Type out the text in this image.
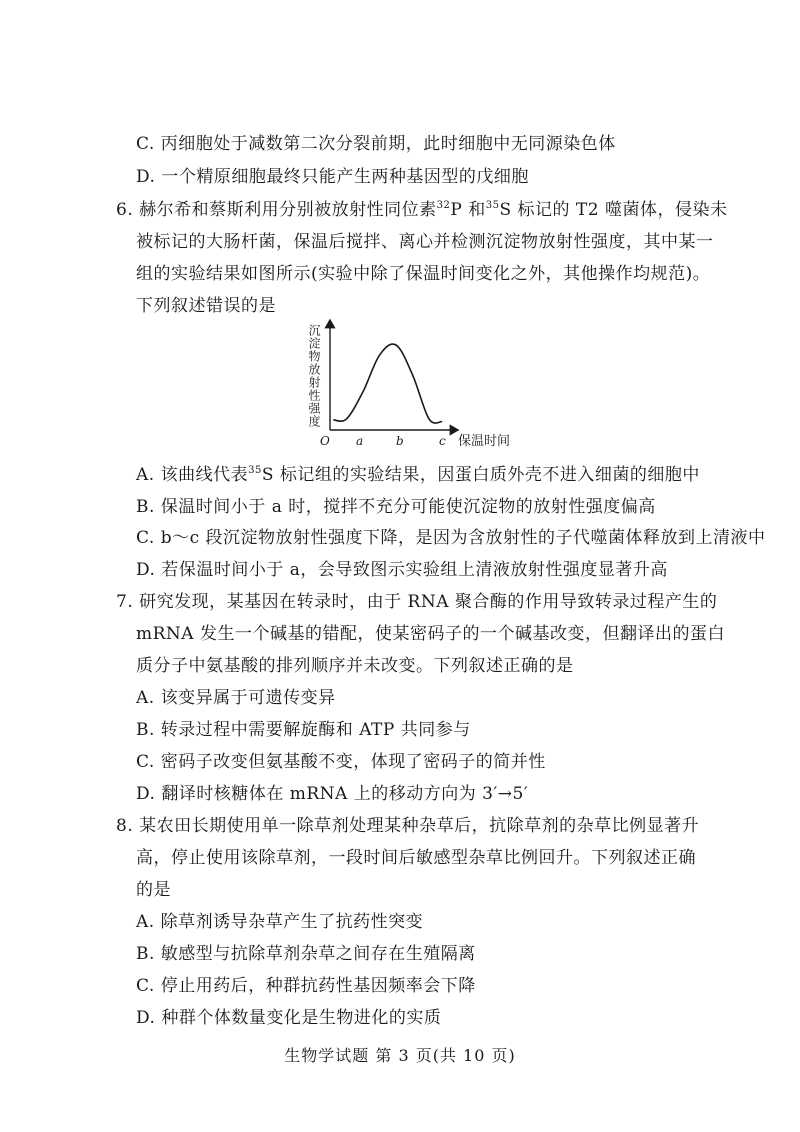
C. 丙细胞处于减数第二次分裂前期，此时细胞中无同源染色体
D. 一个精原细胞最终只能产生两种基因型的戊细胞
6. 赫尔希和蔡斯利用分别被放射性同位素$^{32}$P 和$^{35}$S 标记的 T2 噬菌体，侵染未
被标记的大肠杆菌，保温后搅拌、离心并检测沉淀物放射性强度，其中某一
组的实验结果如图所示(实验中除了保温时间变化之外，其他操作均规范)。
下列叙述错误的是
沉淀物放射性强度
O a	b	c 保温时间
A. 该曲线代表$^{35}$S 标记组的实验结果，因蛋白质外壳不进入细菌的细胞中
B. 保温时间小于 a 时，搅拌不充分可能使沉淀物的放射性强度偏高
C. b～c 段沉淀物放射性强度下降，是因为含放射性的子代噬菌体释放到上清液中
D. 若保温时间小于 a，会导致图示实验组上清液放射性强度显著升高
7. 研究发现，某基因在转录时，由于 RNA 聚合酶的作用导致转录过程产生的
mRNA 发生一个碱基的错配，使某密码子的一个碱基改变，但翻译出的蛋白
质分子中氨基酸的排列顺序并未改变。下列叙述正确的是
A. 该变异属于可遗传变异
B. 转录过程中需要解旋酶和 ATP 共同参与
C. 密码子改变但氨基酸不变，体现了密码子的简并性
D. 翻译时核糖体在 mRNA 上的移动方向为 3′→5′
8. 某农田长期使用单一除草剂处理某种杂草后，抗除草剂的杂草比例显著升
高，停止使用该除草剂，一段时间后敏感型杂草比例回升。下列叙述正确
的是
A. 除草剂诱导杂草产生了抗药性突变
B. 敏感型与抗除草剂杂草之间存在生殖隔离
C. 停止用药后，种群抗药性基因频率会下降
D. 种群个体数量变化是生物进化的实质
生物学试题 第 3 页(共 10 页)
